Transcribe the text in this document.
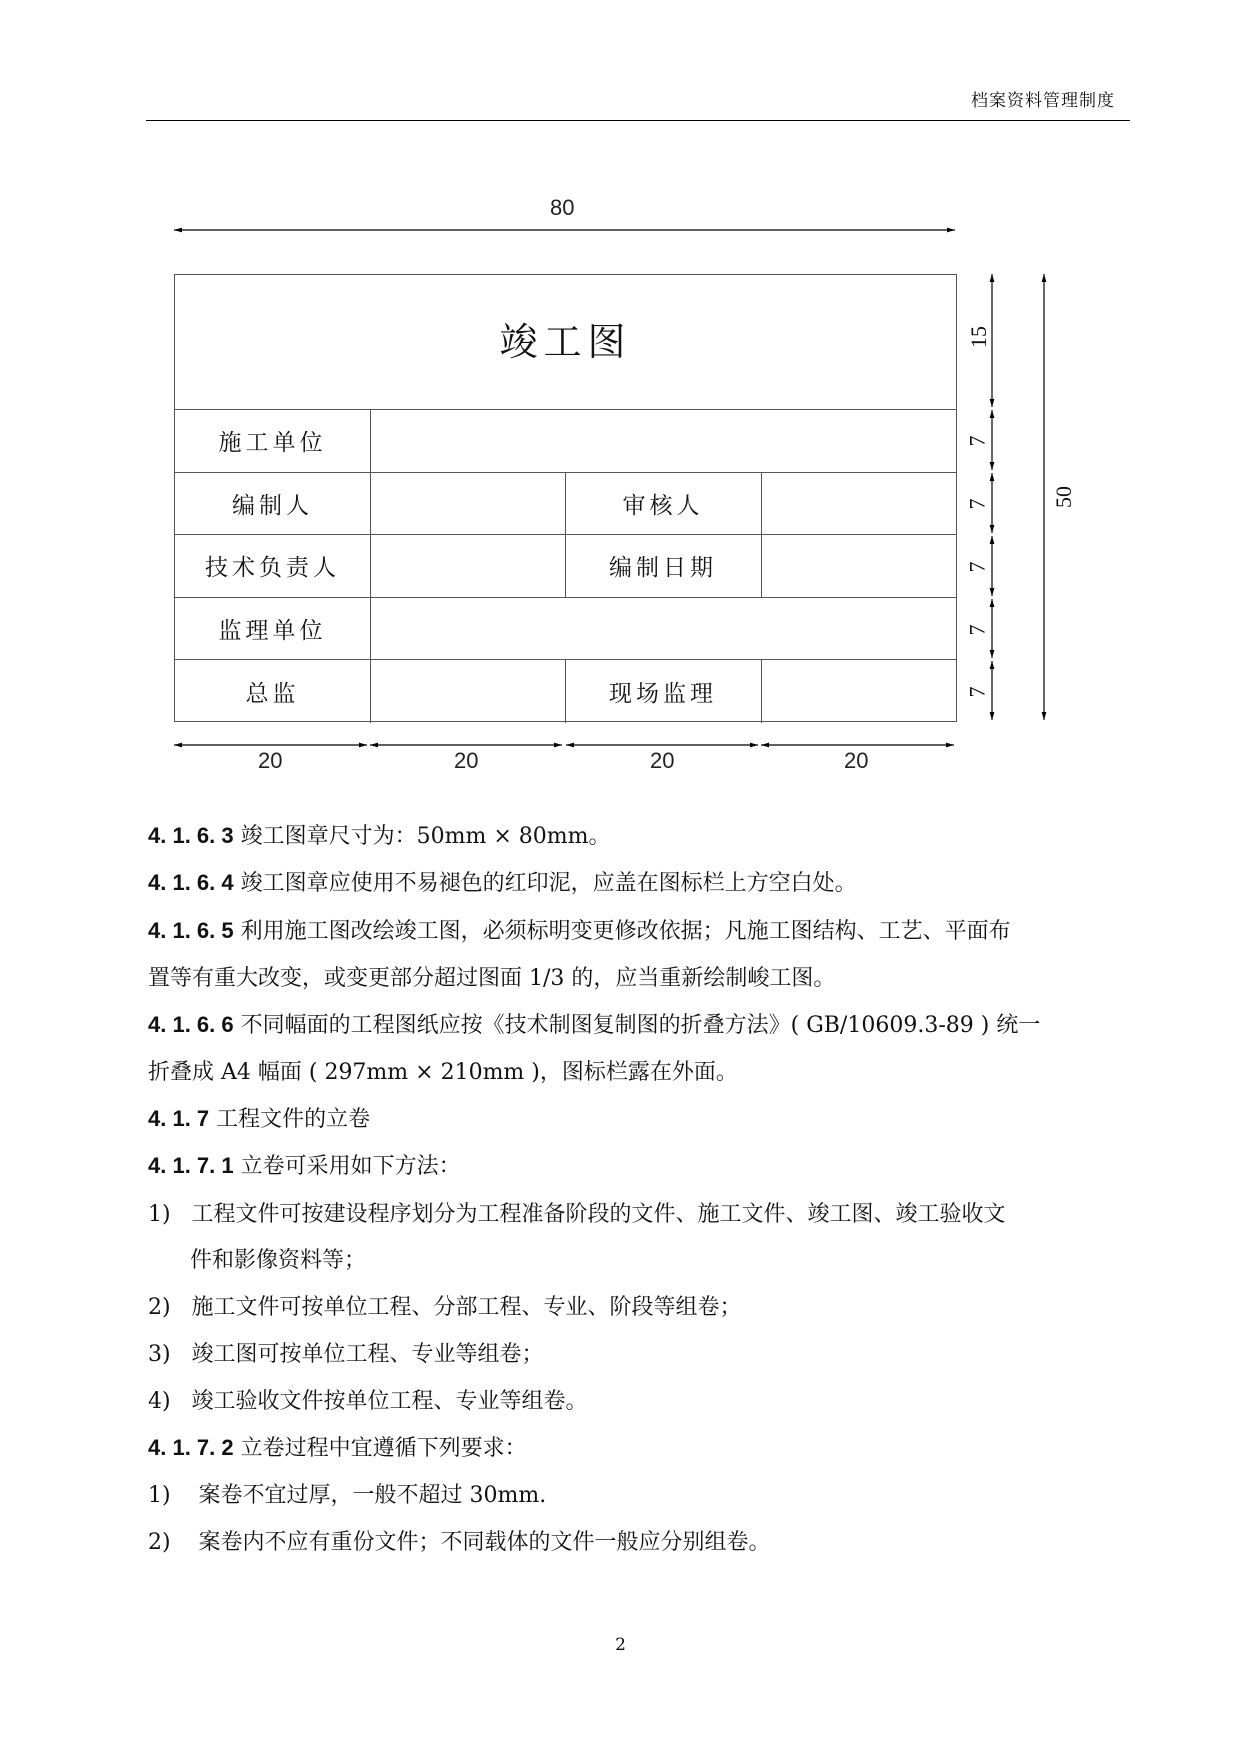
档案资料管理制度
80
20	20	20	20
15
7
7
7
7
7
50
竣工图
施工单位
编制人	审核人
技术负责人	编制日期
监理单位
总监	现场监理
4. 1. 6. 3 竣工图章尺寸为：50mm × 80mm。
4. 1. 6. 4 竣工图章应使用不易褪色的红印泥，应盖在图标栏上方空白处。
4. 1. 6. 5 利用施工图改绘竣工图，必须标明变更修改依据；凡施工图结构、工艺、平面布
置等有重大改变，或变更部分超过图面 1/3 的，应当重新绘制峻工图。
4. 1. 6. 6 不同幅面的工程图纸应按《技术制图复制图的折叠方法》( GB/10609.3-89 ) 统一
折叠成 A4 幅面 ( 297mm × 210mm )，图标栏露在外面。
4. 1. 7 工程文件的立卷
4. 1. 7. 1 立卷可采用如下方法：
1)   工程文件可按建设程序划分为工程准备阶段的文件、施工文件、竣工图、竣工验收文
件和影像资料等；
2)   施工文件可按单位工程、分部工程、专业、阶段等组卷；
3)   竣工图可按单位工程、专业等组卷；
4)   竣工验收文件按单位工程、专业等组卷。
4. 1. 7. 2 立卷过程中宜遵循下列要求：
1)    案卷不宜过厚，一般不超过 30mm.
2)    案卷内不应有重份文件；不同载体的文件一般应分别组卷。
2
